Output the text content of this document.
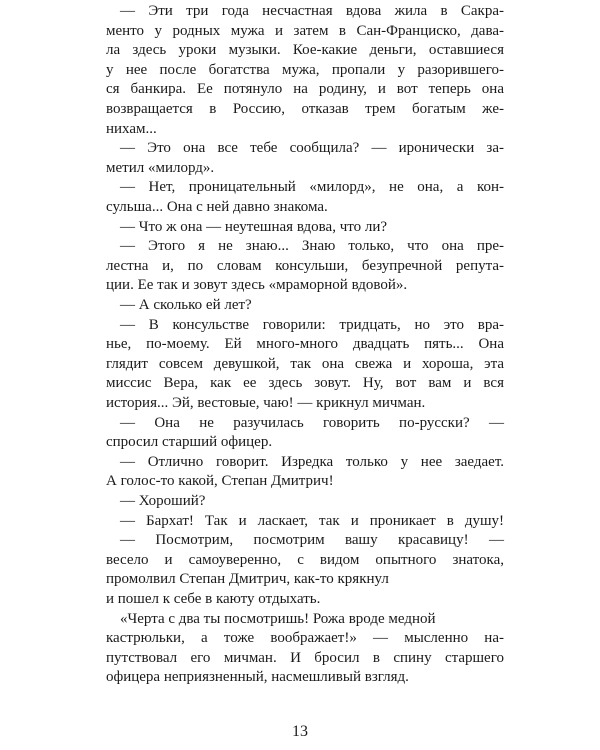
— Эти три года несчастная вдова жила в Сакра-
менто у родных мужа и затем в Сан-Франциско, дава-
ла здесь уроки музыки. Кое-какие деньги, оставшиеся
у нее после богатства мужа, пропали у разорившего-
ся банкира. Ее потянуло на родину, и вот теперь она
возвращается в Россию, отказав трем богатым же-
нихам...
— Это она все тебе сообщила? — иронически за-
метил «милорд».
— Нет, проницательный «милорд», не она, а кон-
сульша... Она с ней давно знакома.
— Что ж она — неутешная вдова, что ли?
— Этого я не знаю... Знаю только, что она пре-
лестна и, по словам консульши, безупречной репута-
ции. Ее так и зовут здесь «мраморной вдовой».
— А сколько ей лет?
— В консульстве говорили: тридцать, но это вра-
нье, по-моему. Ей много-много двадцать пять... Она
глядит совсем девушкой, так она свежа и хороша, эта
миссис Вера, как ее здесь зовут. Ну, вот вам и вся
история... Эй, вестовые, чаю! — крикнул мичман.
— Она не разучилась говорить по-русски? —
спросил старший офицер.
— Отлично говорит. Изредка только у нее заедает.
А голос-то какой, Степан Дмитрич!
— Хороший?
— Бархат! Так и ласкает, так и проникает в душу!
— Посмотрим, посмотрим вашу красавицу! —
весело и самоуверенно, с видом опытного знатока,
промолвил Степан Дмитрич, как-то крякнул
и пошел к себе в каюту отдыхать.
«Черта с два ты посмотришь! Рожа вроде медной
кастрюльки, а тоже воображает!» — мысленно на-
путствовал его мичман. И бросил в спину старшего
офицера неприязненный, насмешливый взгляд.
13
